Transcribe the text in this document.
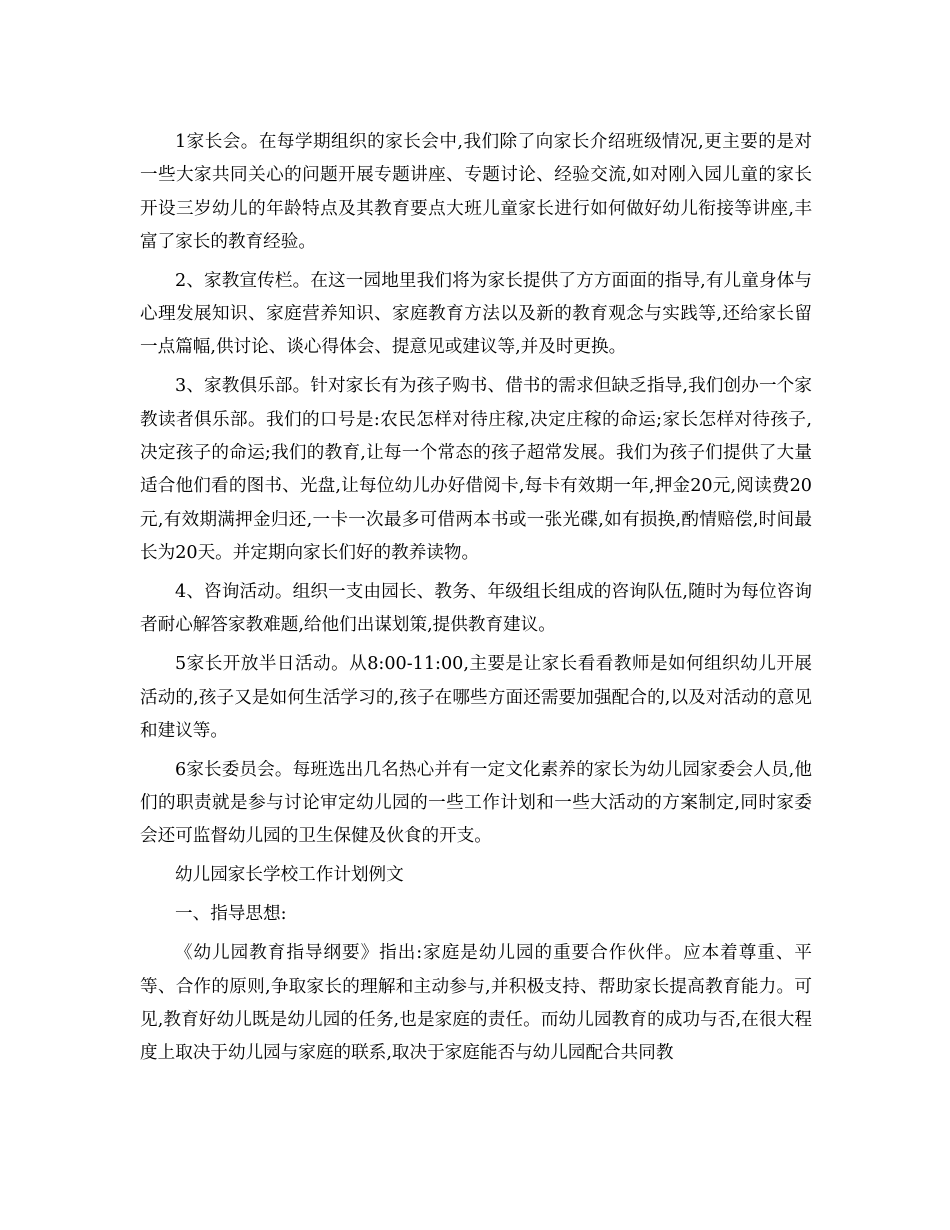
1家长会。在每学期组织的家长会中,我们除了向家长介绍班级情况,更主要的是对一些大家共同关心的问题开展专题讲座、专题讨论、经验交流,如对刚入园儿童的家长开设三岁幼儿的年龄特点及其教育要点大班儿童家长进行如何做好幼儿衔接等讲座,丰富了家长的教育经验。

2、家教宣传栏。在这一园地里我们将为家长提供了方方面面的指导,有儿童身体与心理发展知识、家庭营养知识、家庭教育方法以及新的教育观念与实践等,还给家长留一点篇幅,供讨论、谈心得体会、提意见或建议等,并及时更换。

3、家教俱乐部。针对家长有为孩子购书、借书的需求但缺乏指导,我们创办一个家教读者俱乐部。我们的口号是:农民怎样对待庄稼,决定庄稼的命运;家长怎样对待孩子,决定孩子的命运;我们的教育,让每一个常态的孩子超常发展。我们为孩子们提供了大量适合他们看的图书、光盘,让每位幼儿办好借阅卡,每卡有效期一年,押金20元,阅读费20元,有效期满押金归还,一卡一次最多可借两本书或一张光碟,如有损换,酌情赔偿,时间最长为20天。并定期向家长们好的教养读物。

4、咨询活动。组织一支由园长、教务、年级组长组成的咨询队伍,随时为每位咨询者耐心解答家教难题,给他们出谋划策,提供教育建议。

5家长开放半日活动。从8:00-11:00,主要是让家长看看教师是如何组织幼儿开展活动的,孩子又是如何生活学习的,孩子在哪些方面还需要加强配合的,以及对活动的意见和建议等。

6家长委员会。每班选出几名热心并有一定文化素养的家长为幼儿园家委会人员,他们的职责就是参与讨论审定幼儿园的一些工作计划和一些大活动的方案制定,同时家委会还可监督幼儿园的卫生保健及伙食的开支。

幼儿园家长学校工作计划例文

一、指导思想:

《幼儿园教育指导纲要》指出:家庭是幼儿园的重要合作伙伴。应本着尊重、平等、合作的原则,争取家长的理解和主动参与,并积极支持、帮助家长提高教育能力。可见,教育好幼儿既是幼儿园的任务,也是家庭的责任。而幼儿园教育的成功与否,在很大程度上取决于幼儿园与家庭的联系,取决于家庭能否与幼儿园配合共同教
